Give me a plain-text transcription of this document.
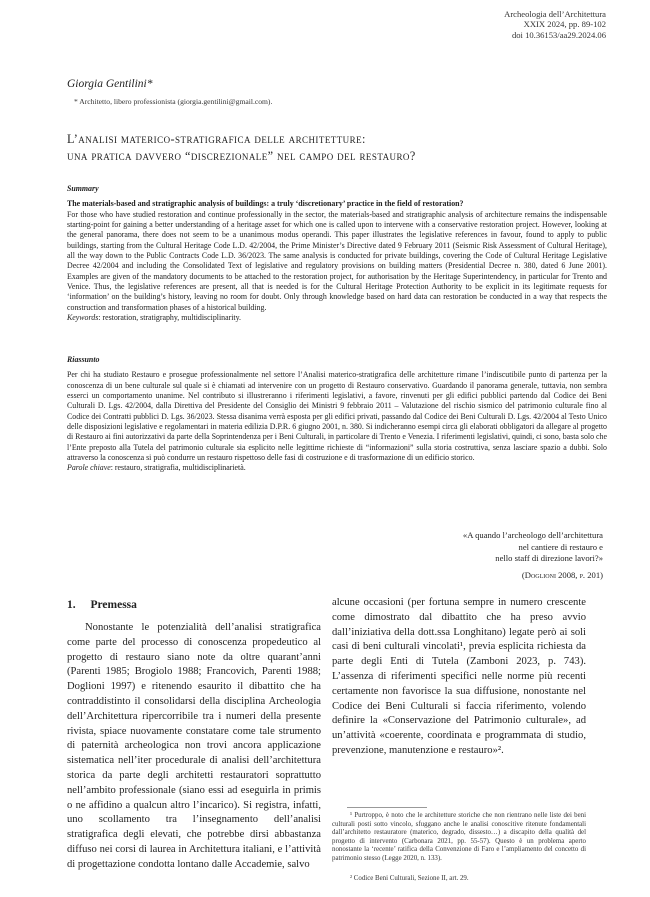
Archeologia dell’Architettura
XXIX 2024, pp. 89-102
doi 10.36153/aa29.2024.06
Giorgia Gentilini*
* Architetto, libero professionista (giorgia.gentilini@gmail.com).
L’analisi materico-stratigrafica delle architetture:
una pratica davvero “discrezionale” nel campo del restauro?

Summary

The materials-based and stratigraphic analysis of buildings: a truly ‘discretionary’ practice in the field of restoration?

For those who have studied restoration and continue professionally in the sector, the materials-based and stratigraphic analysis of architecture remains the indispensable starting-point for gaining a better understanding of a heritage asset for which one is called upon to intervene with a conservative restoration project. However, looking at the general panorama, there does not seem to be a unanimous modus operandi. This paper illustrates the legislative references in favour, found to apply to public buildings, starting from the Cultural Heritage Code L.D. 42/2004, the Prime Minister’s Directive dated 9 February 2011 (Seismic Risk Assessment of Cultural Heritage), all the way down to the Public Contracts Code L.D. 36/2023. The same analysis is conducted for private buildings, covering the Code of Cultural Heritage Legislative Decree 42/2004 and including the Consolidated Text of legislative and regulatory provisions on building matters (Presidential Decree n. 380, dated 6 June 2001). Examples are given of the mandatory documents to be attached to the restoration project, for authorisation by the Heritage Superintendency, in particular for Trento and Venice. Thus, the legislative references are present, all that is needed is for the Cultural Heritage Protection Authority to be explicit in its legitimate requests for ‘information’ on the building’s history, leaving no room for doubt. Only through knowledge based on hard data can restoration be conducted in a way that respects the construction and transformation phases of a historical building.

Keywords: restoration, stratigraphy, multidisciplinarity.

Riassunto

Per chi ha studiato Restauro e prosegue professionalmente nel settore l’Analisi materico-stratigrafica delle architetture rimane l’indiscutibile punto di partenza per la conoscenza di un bene culturale sul quale si è chiamati ad intervenire con un progetto di Restauro conservativo. Guardando il panorama generale, tuttavia, non sembra esserci un comportamento unanime. Nel contributo si illustreranno i riferimenti legislativi, a favore, rinvenuti per gli edifici pubblici partendo dal Codice dei Beni Culturali D. Lgs. 42/2004, dalla Direttiva del Presidente del Consiglio dei Ministri 9 febbraio 2011 – Valutazione del rischio sismico del patrimonio culturale fino al Codice dei Contratti pubblici D. Lgs. 36/2023. Stessa disanima verrà esposta per gli edifici privati, passando dal Codice dei Beni Culturali D. Lgs. 42/2004 al Testo Unico delle disposizioni legislative e regolamentari in materia edilizia D.P.R. 6 giugno 2001, n. 380. Si indicheranno esempi circa gli elaborati obbligatori da allegare al progetto di Restauro ai fini autorizzativi da parte della Soprintendenza per i Beni Culturali, in particolare di Trento e Venezia. I riferimenti legislativi, quindi, ci sono, basta solo che l’Ente preposto alla Tutela del patrimonio culturale sia esplicito nelle legittime richieste di “informazioni” sulla storia costruttiva, senza lasciare spazio a dubbi. Solo attraverso la conoscenza si può condurre un restauro rispettoso delle fasi di costruzione e di trasformazione di un edificio storico.

Parole chiave: restauro, stratigrafia, multidisciplinarietà.

«A quando l’archeologo dell’architettura
nel cantiere di restauro e
nello staff di direzione lavori?»
(Doglioni 2008, p. 201)
1. Premessa

Nonostante le potenzialità dell’analisi stratigrafica come parte del processo di conoscenza propedeutico al progetto di restauro siano note da oltre quarant’anni (Parenti 1985; Brogiolo 1988; Francovich, Parenti 1988; Doglioni 1997) e ritenendo esaurito il dibattito che ha contraddistinto il consolidarsi della disciplina Archeologia dell’Architettura ripercorribile tra i numeri della presente rivista, spiace nuovamente constatare come tale strumento di paternità archeologica non trovi ancora applicazione sistematica nell’iter procedurale di analisi dell’architettura storica da parte degli architetti restauratori soprattutto nell’ambito professionale (siano essi ad eseguirla in primis o ne affidino a qualcun altro l’incarico). Si registra, infatti, uno scollamento tra l’insegnamento dell’analisi stratigrafica degli elevati, che potrebbe dirsi abbastanza diffuso nei corsi di laurea in Architettura italiani, e l’attività di progettazione condotta lontano dalle Accademie, salvo

alcune occasioni (per fortuna sempre in numero crescente come dimostrato dal dibattito che ha preso avvio dall’iniziativa della dott.ssa Longhitano) legate però ai soli casi di beni culturali vincolati¹, previa esplicita richiesta da parte degli Enti di Tutela (Zamboni 2023, p. 743). L’assenza di riferimenti specifici nelle norme più recenti certamente non favorisce la sua diffusione, nonostante nel Codice dei Beni Culturali si faccia riferimento, volendo definire la «Conservazione del Patrimonio culturale», ad un’attività «coerente, coordinata e programmata di studio, prevenzione, manutenzione e restauro»².

¹ Purtroppo, è noto che le architetture storiche che non rientrano nelle liste dei beni culturali posti sotto vincolo, sfuggano anche le analisi conoscitive ritenute fondamentali dall’architetto restauratore (materico, degrado, dissesto…) a discapito della qualità del progetto di intervento (Carbonara 2021, pp. 55-57). Questo è un problema aperto nonostante la ‘recente’ ratifica della Convenzione di Faro e l’ampliamento del concetto di patrimonio stesso (Legge 2020, n. 133).

² Codice Beni Culturali, Sezione II, art. 29.
